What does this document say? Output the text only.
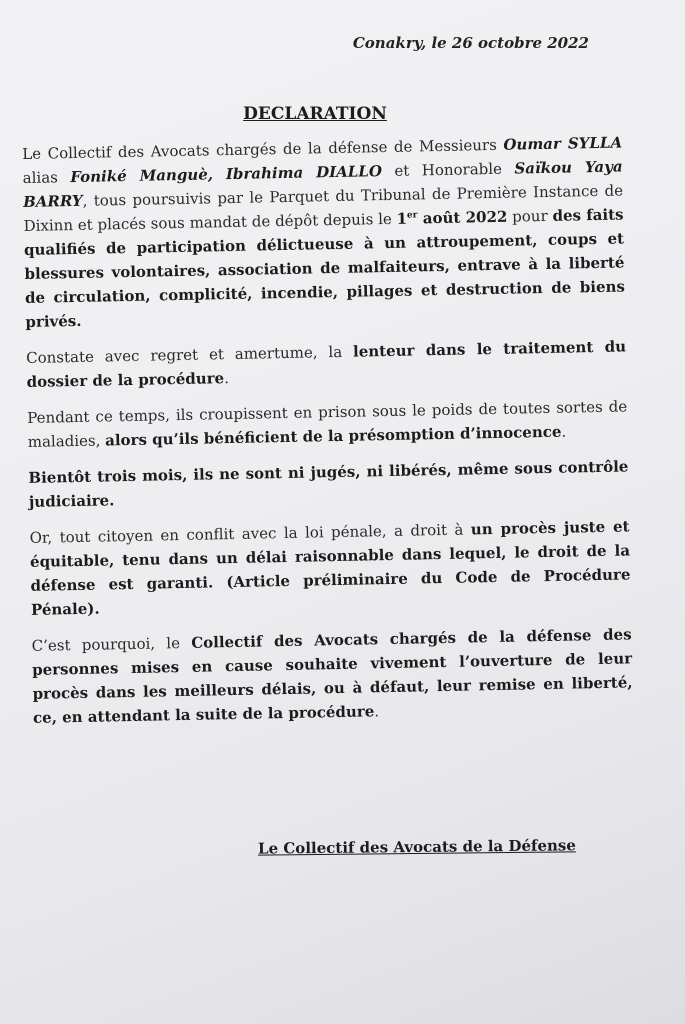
Conakry, le 26 octobre 2022
DECLARATION

Le Collectif des Avocats chargés de la défense de Messieurs Oumar SYLLA alias Foniké Manguè, Ibrahima DIALLO et Honorable Saïkou Yaya BARRY, tous poursuivis par le Parquet du Tribunal de Première Instance de Dixinn et placés sous mandat de dépôt depuis le 1er août 2022 pour des faits qualifiés de participation délictueuse à un attroupement, coups et blessures volontaires, association de malfaiteurs, entrave à la liberté de circulation, complicité, incendie, pillages et destruction de biens privés.

Constate avec regret et amertume, la lenteur dans le traitement du dossier de la procédure.

Pendant ce temps, ils croupissent en prison sous le poids de toutes sortes de maladies, alors qu’ils bénéficient de la présomption d’innocence.

Bientôt trois mois, ils ne sont ni jugés, ni libérés, même sous contrôle judiciaire.

Or, tout citoyen en conflit avec la loi pénale, a droit à un procès juste et équitable, tenu dans un délai raisonnable dans lequel, le droit de la défense est garanti. (Article préliminaire du Code de Procédure Pénale).

C’est pourquoi, le Collectif des Avocats chargés de la défense des personnes mises en cause souhaite vivement l’ouverture de leur procès dans les meilleurs délais, ou à défaut, leur remise en liberté, ce, en attendant la suite de la procédure.

Le Collectif des Avocats de la Défense
